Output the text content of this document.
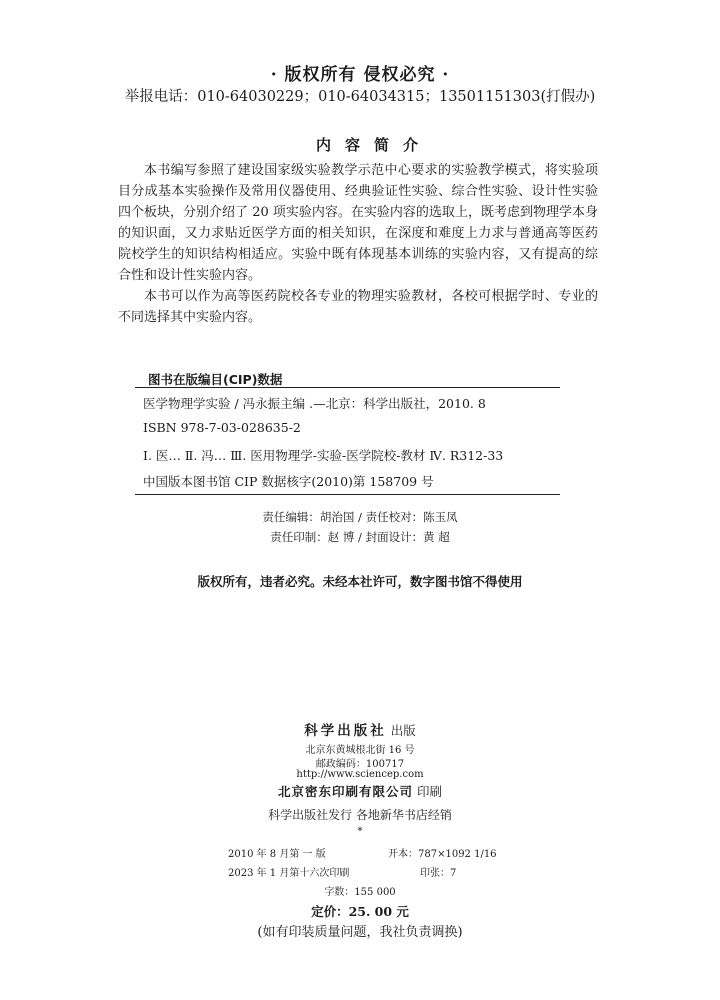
· 版权所有 侵权必究 ·
举报电话：010-64030229；010-64034315；13501151303(打假办)
内容简介

本书编写参照了建设国家级实验教学示范中心要求的实验教学模式，将实验项目分成基本实验操作及常用仪器使用、经典验证性实验、综合性实验、设计性实验四个板块，分别介绍了 20 项实验内容。在实验内容的选取上，既考虑到物理学本身的知识面，又力求贴近医学方面的相关知识，在深度和难度上力求与普通高等医药院校学生的知识结构相适应。实验中既有体现基本训练的实验内容，又有提高的综合性和设计性实验内容。

本书可以作为高等医药院校各专业的物理实验教材，各校可根据学时、专业的不同选择其中实验内容。

图书在版编目(CIP)数据
医学物理学实验 / 冯永振主编 .—北京：科学出版社，2010. 8
ISBN 978-7-03-028635-2
Ⅰ. 医… Ⅱ. 冯… Ⅲ. 医用物理学-实验-医学院校-教材 Ⅳ. R312-33
中国版本图书馆 CIP 数据核字(2010)第 158709 号
责任编辑：胡治国 / 责任校对：陈玉凤
责任印制：赵 博 / 封面设计：黄 超
版权所有，违者必究。未经本社许可，数字图书馆不得使用
科学出版社 出版
北京东黄城根北街 16 号
邮政编码：100717
http://www.sciencep.com
北京密东印刷有限公司 印刷
科学出版社发行 各地新华书店经销
*
2010 年 8 月第 一 版	开本：787×1092 1/16
2023 年 1 月第十六次印刷	印张：7
字数：155 000
定价：25. 00 元
(如有印装质量问题，我社负责调换)
